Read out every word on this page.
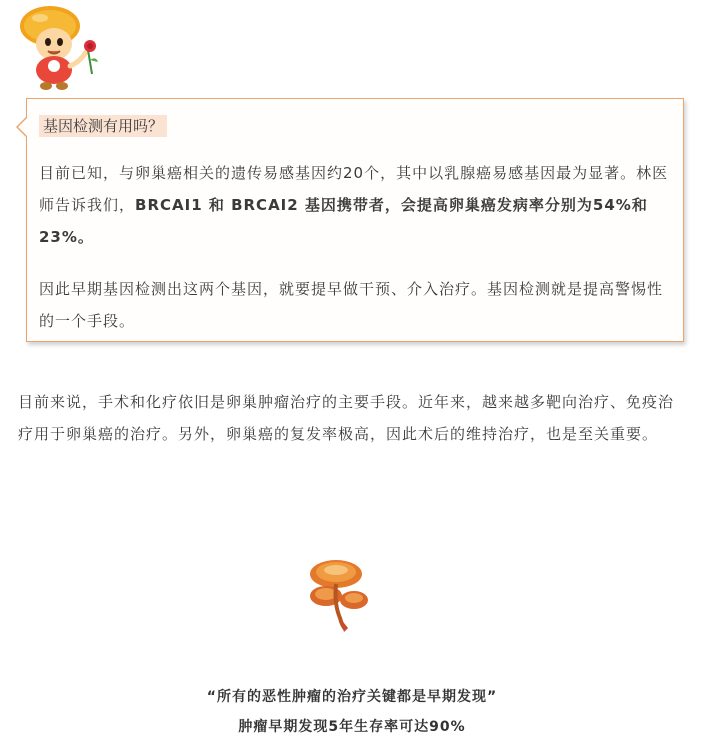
基因检测有用吗？

目前已知，与卵巢癌相关的遗传易感基因约20个，其中以乳腺癌易感基因最为显著。林医师告诉我们，BRCAI1 和 BRCAI2 基因携带者，会提高卵巢癌发病率分别为54%和23%。

因此早期基因检测出这两个基因，就要提早做干预、介入治疗。基因检测就是提高警惕性的一个手段。

目前来说，手术和化疗依旧是卵巢肿瘤治疗的主要手段。近年来，越来越多靶向治疗、免疫治疗用于卵巢癌的治疗。另外，卵巢癌的复发率极高，因此术后的维持治疗，也是至关重要。

“所有的恶性肿瘤的治疗关键都是早期发现”
肿瘤早期发现5年生存率可达90%
